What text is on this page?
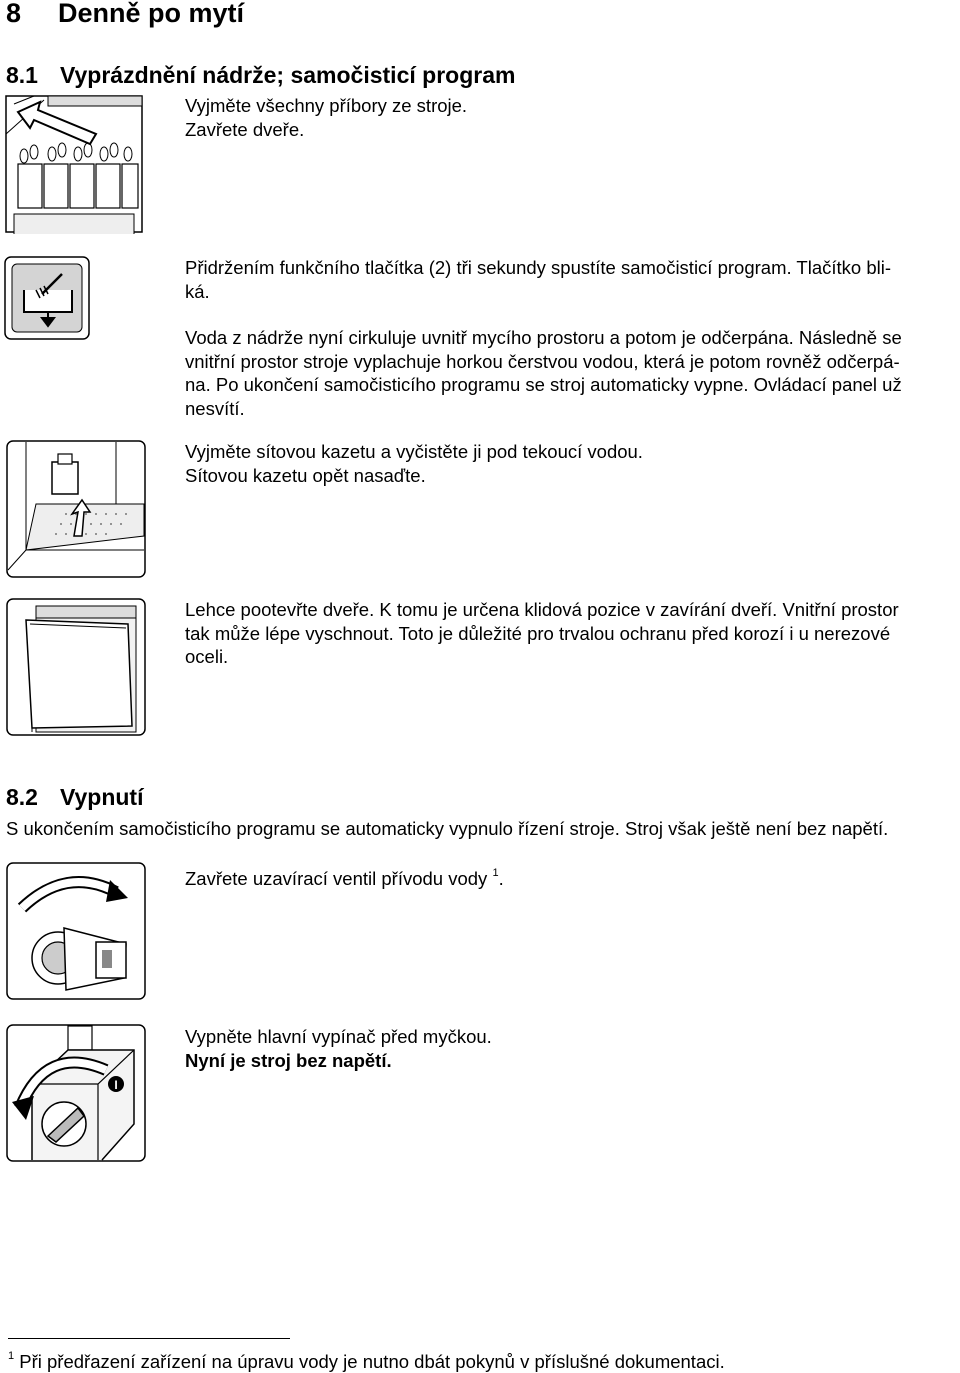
8 Denně po mytí
8.1 Vyprázdnění nádrže; samočisticí program

Vyjměte všechny příbory ze stroje.

Zavřete dveře.

Přidržením funkčního tlačítka (2) tři sekundy spustíte samočisticí program. Tlačítko bli-

ká.

Voda z nádrže nyní cirkuluje uvnitř mycího prostoru a potom je odčerpána. Následně se

vnitřní prostor stroje vyplachuje horkou čerstvou vodou, která je potom rovněž odčerpá-

na. Po ukončení samočisticího programu se stroj automaticky vypne. Ovládací panel už

nesvítí.

Vyjměte sítovou kazetu a vyčistěte ji pod tekoucí vodou.

Sítovou kazetu opět nasaďte.

Lehce pootevřte dveře. K tomu je určena klidová pozice v zavírání dveří. Vnitřní prostor

tak může lépe vyschnout. Toto je důležité pro trvalou ochranu před korozí i u nerezové

oceli.

8.2 Vypnutí
S ukončením samočisticího programu se automaticky vypnulo řízení stroje. Stroj však ještě není bez napětí.

Zavřete uzavírací ventil přívodu vody $^1$.

I

Vypněte hlavní vypínač před myčkou.

Nyní je stroj bez napětí.

$^1$ Při předřazení zařízení na úpravu vody je nutno dbát pokynů v příslušné dokumentaci.
